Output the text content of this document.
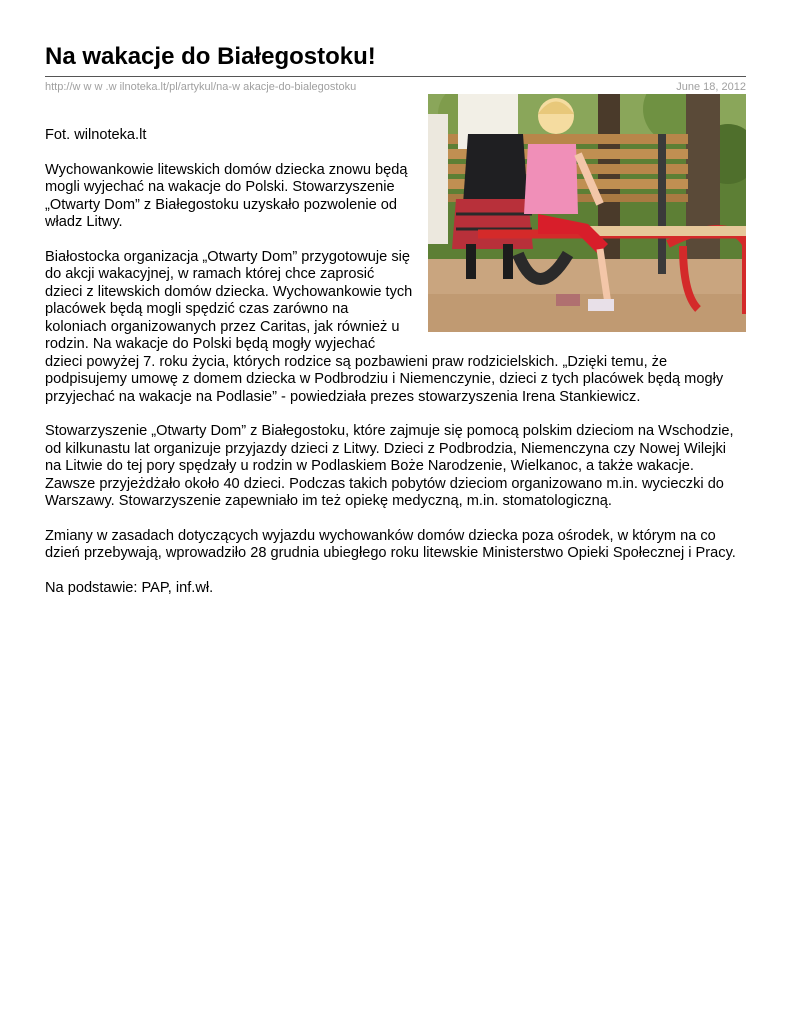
Na wakacje do Białegostoku!
http://w w w .w ilnoteka.lt/pl/artykul/na-w akacje-do-bialegostoku	June 18, 2012

Fot. wilnoteka.lt

Wychowankowie litewskich domów dziecka znowu będą mogli wyjechać na wakacje do Polski. Stowarzyszenie „Otwarty Dom” z Białegostoku uzyskało pozwolenie od władz Litwy.

Białostocka organizacja „Otwarty Dom” przygotowuje się do akcji wakacyjnej, w ramach której chce zaprosić dzieci z litewskich domów dziecka. Wychowankowie tych placówek będą mogli spędzić czas zarówno na koloniach organizowanych przez Caritas, jak również u rodzin. Na wakacje do Polski będą mogły wyjechać dzieci powyżej 7. roku życia, których rodzice są pozbawieni praw rodzicielskich. „Dzięki temu, że podpisujemy umowę z domem dziecka w Podbrodziu i Niemenczynie, dzieci z tych placówek będą mogły przyjechać na wakacje na Podlasie” - powiedziała prezes stowarzyszenia Irena Stankiewicz.

Stowarzyszenie „Otwarty Dom” z Białegostoku, które zajmuje się pomocą polskim dzieciom na Wschodzie, od kilkunastu lat organizuje przyjazdy dzieci z Litwy. Dzieci z Podbrodzia, Niemenczyna czy Nowej Wilejki na Litwie do tej pory spędzały u rodzin w Podlaskiem Boże Narodzenie, Wielkanoc, a także wakacje. Zawsze przyjeżdżało około 40 dzieci. Podczas takich pobytów dzieciom organizowano m.in. wycieczki do Warszawy. Stowarzyszenie zapewniało im też opiekę medyczną, m.in. stomatologiczną.

Zmiany w zasadach dotyczących wyjazdu wychowanków domów dziecka poza ośrodek, w którym na co dzień przebywają, wprowadziło 28 grudnia ubiegłego roku litewskie Ministerstwo Opieki Społecznej i Pracy.

Na podstawie: PAP, inf.wł.
